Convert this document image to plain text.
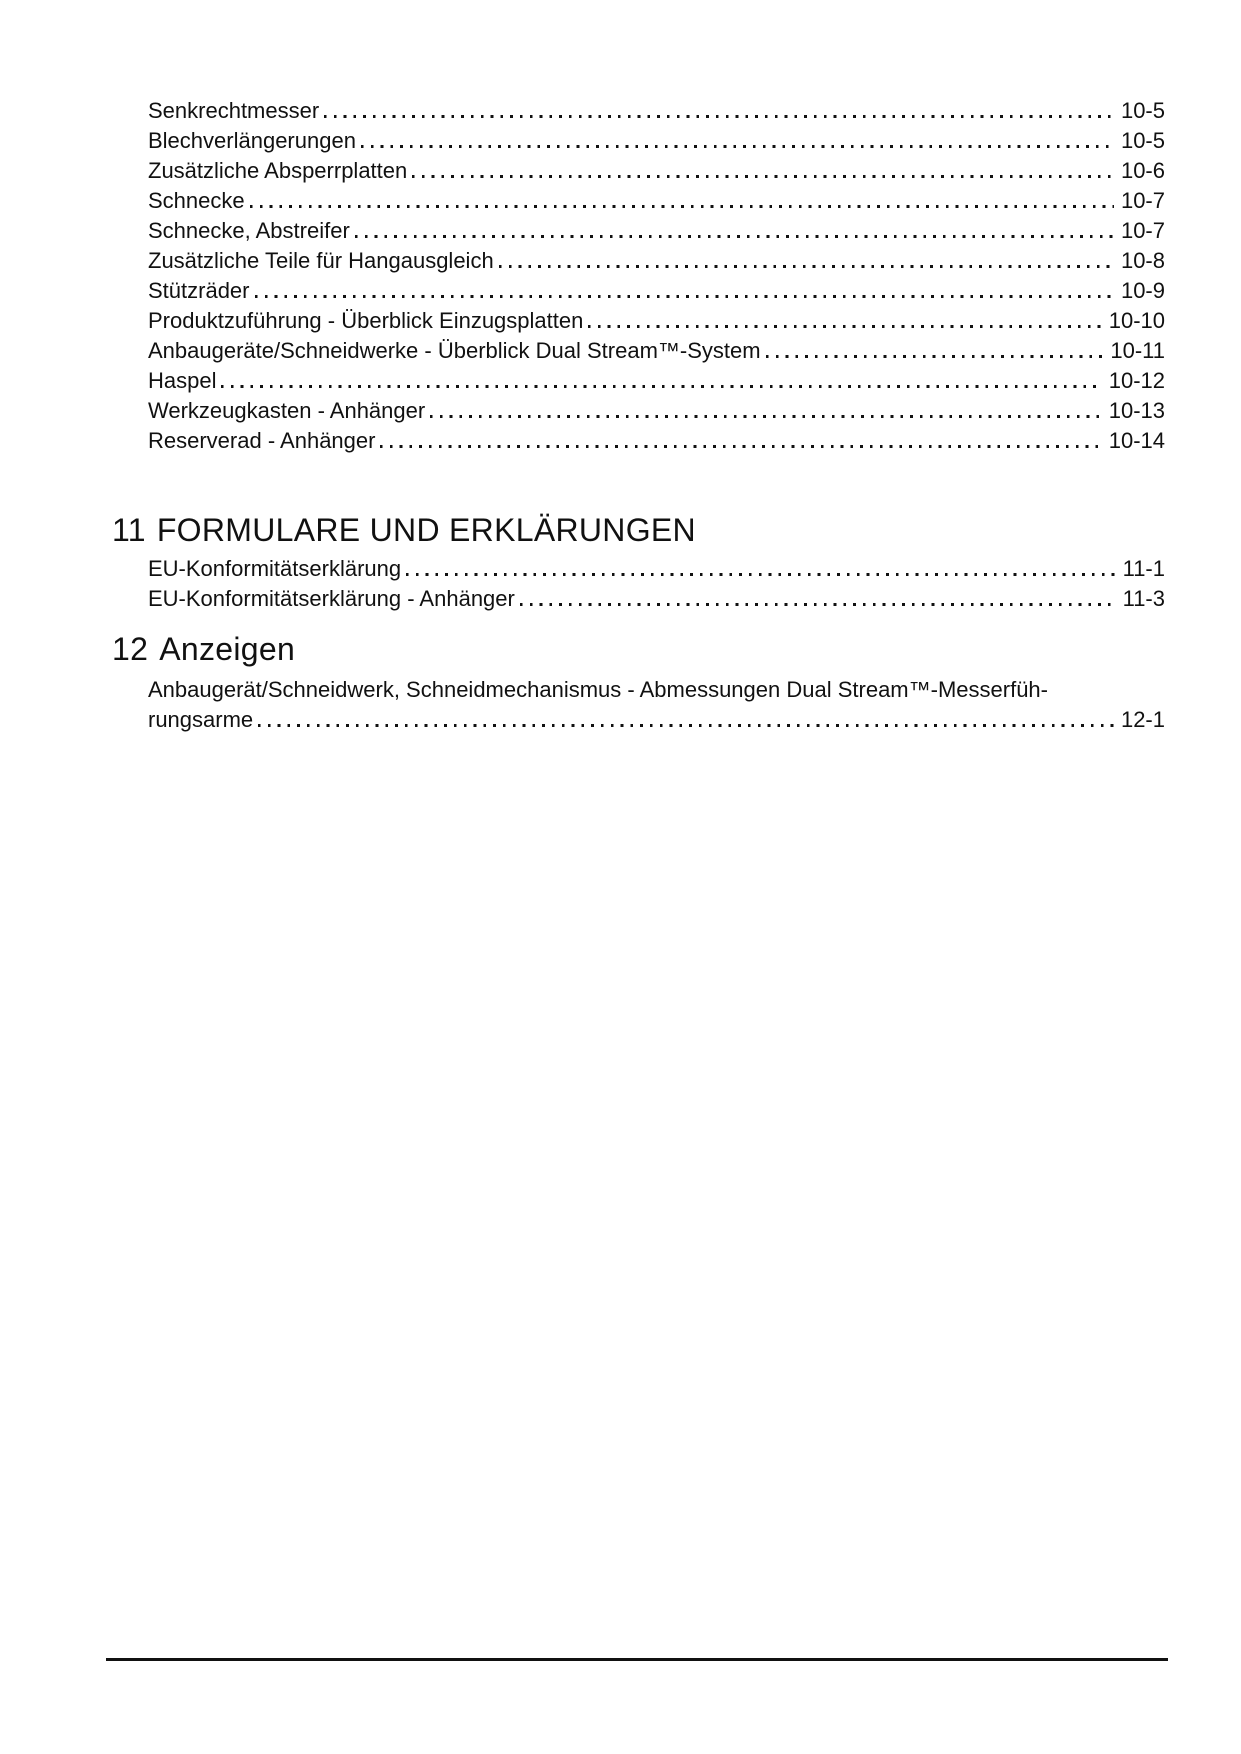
Senkrechtmesser	10-5
Blechverlängerungen	10-5
Zusätzliche Absperrplatten	10-6
Schnecke	10-7
Schnecke, Abstreifer	10-7
Zusätzliche Teile für Hangausgleich	10-8
Stützräder	10-9
Produktzuführung - Überblick Einzugsplatten	10-10
Anbaugeräte/Schneidwerke - Überblick Dual Stream™-System	10-11
Haspel	10-12
Werkzeugkasten - Anhänger	10-13
Reserverad - Anhänger	10-14
11 FORMULARE UND ERKLÄRUNGEN
EU-Konformitätserklärung	11-1
EU-Konformitätserklärung - Anhänger	11-3
12 Anzeigen
Anbaugerät/Schneidwerk, Schneidmechanismus - Abmessungen Dual Stream™-Messerfüh-
rungsarme	12-1
